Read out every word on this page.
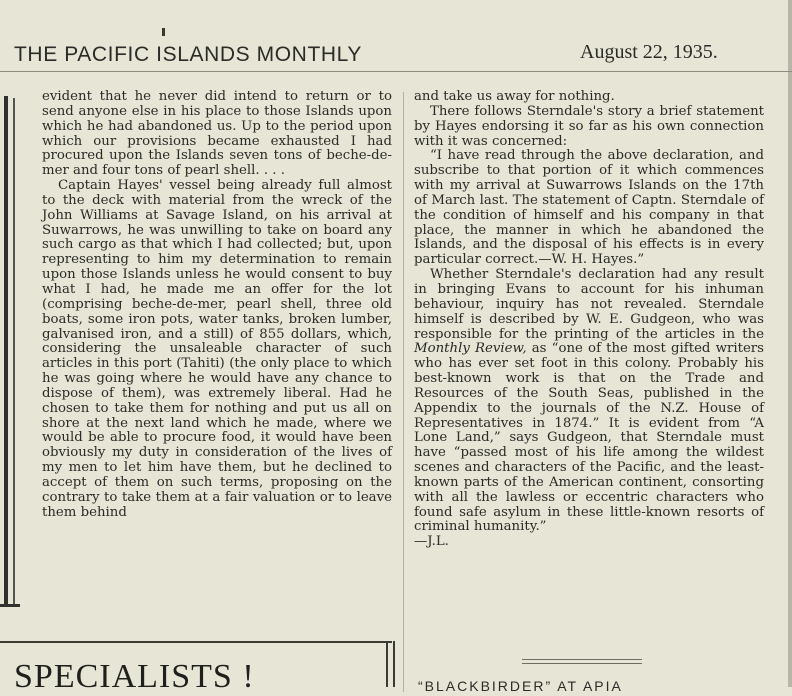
THE PACIFIC ISLANDS MONTHLY	August 22, 1935.

evident that he never did intend to return or to send anyone else in his place to those Islands upon which he had abandoned us. Up to the period upon which our provisions became exhausted I had procured upon the Islands seven tons of beche-de-mer and four tons of pearl shell. . . .

Captain Hayes' vessel being already full almost to the deck with material from the wreck of the John Williams at Savage Island, on his arrival at Suwarrows, he was unwilling to take on board any such cargo as that which I had collected; but, upon representing to him my determination to remain upon those Islands unless he would consent to buy what I had, he made me an offer for the lot (comprising beche-de-mer, pearl shell, three old boats, some iron pots, water tanks, broken lumber, galvanised iron, and a still) of 855 dollars, which, considering the unsaleable character of such articles in this port (Tahiti) (the only place to which he was going where he would have any chance to dispose of them), was extremely liberal. Had he chosen to take them for nothing and put us all on shore at the next land which he made, where we would be able to procure food, it would have been obviously my duty in consideration of the lives of my men to let him have them, but he declined to accept of them on such terms, proposing on the contrary to take them at a fair valuation or to leave them behind

and take us away for nothing.

There follows Sterndale's story a brief statement by Hayes endorsing it so far as his own connection with it was concerned:

“I have read through the above declaration, and subscribe to that portion of it which commences with my arrival at Suwarrows Islands on the 17th of March last. The statement of Captn. Sterndale of the condition of himself and his company in that place, the manner in which he abandoned the Islands, and the disposal of his effects is in every particular correct.—W. H. Hayes.”

Whether Sterndale's declaration had any result in bringing Evans to account for his inhuman behaviour, inquiry has not revealed. Sterndale himself is described by W. E. Gudgeon, who was responsible for the printing of the articles in the Monthly Review, as “one of the most gifted writers who has ever set foot in this colony. Probably his best-known work is that on the Trade and Resources of the South Seas, published in the Appendix to the journals of the N.Z. House of Representatives in 1874.” It is evident from “A Lone Land,” says Gudgeon, that Sterndale must have “passed most of his life among the wildest scenes and characters of the Pacific, and the least-known parts of the American continent, consorting with all the lawless or eccentric characters who found safe asylum in these little-known resorts of criminal humanity.”

—J.L.

SPECIALISTS !	“BLACKBIRDER” AT APIA
